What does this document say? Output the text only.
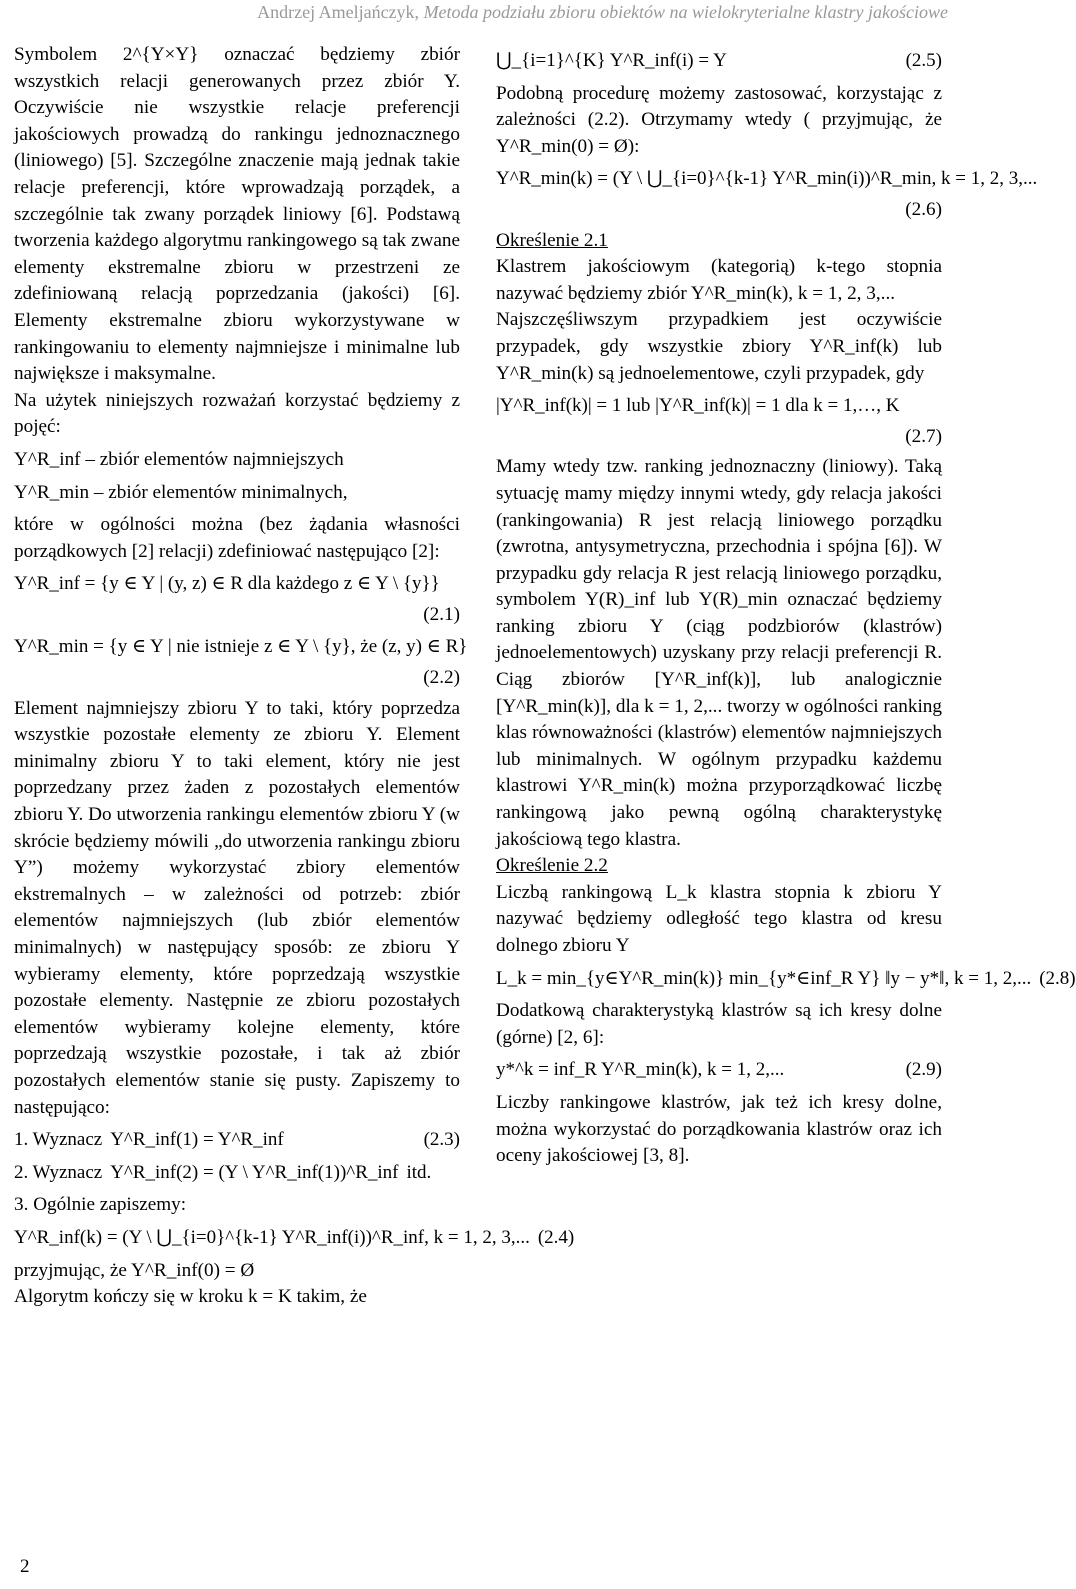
Andrzej Ameljańczyk, Metoda podziału zbioru obiektów na wielokryterialne klastry jakościowe

Symbolem 2^{Y×Y} oznaczać będziemy zbiór wszystkich relacji generowanych przez zbiór Y. Oczywiście nie wszystkie relacje preferencji jakościowych prowadzą do rankingu jednoznacznego (liniowego) [5]. Szczególne znaczenie mają jednak takie relacje preferencji, które wprowadzają porządek, a szczególnie tak zwany porządek liniowy [6]. Podstawą tworzenia każdego algorytmu rankingowego są tak zwane elementy ekstremalne zbioru w przestrzeni ze zdefiniowaną relacją poprzedzania (jakości) [6]. Elementy ekstremalne zbioru wykorzystywane w rankingowaniu to elementy najmniejsze i minimalne lub największe i maksymalne.

Na użytek niniejszych rozważań korzystać będziemy z pojęć:

Y^R_inf – zbiór elementów najmniejszych
Y^R_min – zbiór elementów minimalnych,

które w ogólności można (bez żądania własności porządkowych [2] relacji) zdefiniować następująco [2]:

Y^R_inf = {y ∈ Y | (y, z) ∈ R dla każdego z ∈ Y \ {y}}
(2.1)
Y^R_min = {y ∈ Y | nie istnieje z ∈ Y \ {y}, że (z, y) ∈ R}
(2.2)

Element najmniejszy zbioru Y to taki, który poprzedza wszystkie pozostałe elementy ze zbioru Y. Element minimalny zbioru Y to taki element, który nie jest poprzedzany przez żaden z pozostałych elementów zbioru Y. Do utworzenia rankingu elementów zbioru Y (w skrócie będziemy mówili „do utworzenia rankingu zbioru Y”) możemy wykorzystać zbiory elementów ekstremalnych – w zależności od potrzeb: zbiór elementów najmniejszych (lub zbiór elementów minimalnych) w następujący sposób: ze zbioru Y wybieramy elementy, które poprzedzają wszystkie pozostałe elementy. Następnie ze zbioru pozostałych elementów wybieramy kolejne elementy, które poprzedzają wszystkie pozostałe, i tak aż zbiór pozostałych elementów stanie się pusty. Zapiszemy to następująco:

1. Wyznacz Y^R_inf(1) = Y^R_inf	(2.3)
2. Wyznacz Y^R_inf(2) = (Y \ Y^R_inf(1))^R_inf itd.

3. Ogólnie zapiszemy:

Y^R_inf(k) = (Y \ ⋃_{i=0}^{k-1} Y^R_inf(i))^R_inf, k = 1, 2, 3,... (2.4)

przyjmując, że Y^R_inf(0) = Ø

Algorytm kończy się w kroku k = K takim, że

⋃_{i=1}^{K} Y^R_inf(i) = Y	(2.5)

Podobną procedurę możemy zastosować, korzystając z zależności (2.2). Otrzymamy wtedy ( przyjmując, że Y^R_min(0) = Ø):

Y^R_min(k) = (Y \ ⋃_{i=0}^{k-1} Y^R_min(i))^R_min, k = 1, 2, 3,...
(2.6)

Określenie 2.1

Klastrem jakościowym (kategorią) k-tego stopnia nazywać będziemy zbiór Y^R_min(k), k = 1, 2, 3,...

Najszczęśliwszym przypadkiem jest oczywiście przypadek, gdy wszystkie zbiory Y^R_inf(k) lub Y^R_min(k) są jednoelementowe, czyli przypadek, gdy

|Y^R_inf(k)| = 1 lub |Y^R_inf(k)| = 1 dla k = 1,…, K
(2.7)

Mamy wtedy tzw. ranking jednoznaczny (liniowy). Taką sytuację mamy między innymi wtedy, gdy relacja jakości (rankingowania) R jest relacją liniowego porządku (zwrotna, antysymetryczna, przechodnia i spójna [6]). W przypadku gdy relacja R jest relacją liniowego porządku, symbolem Y(R)_inf lub Y(R)_min oznaczać będziemy ranking zbioru Y (ciąg podzbiorów (klastrów) jednoelementowych) uzyskany przy relacji preferencji R. Ciąg zbiorów [Y^R_inf(k)], lub analogicznie [Y^R_min(k)], dla k = 1, 2,... tworzy w ogólności ranking klas równoważności (klastrów) elementów najmniejszych lub minimalnych. W ogólnym przypadku każdemu klastrowi Y^R_min(k) można przyporządkować liczbę rankingową jako pewną ogólną charakterystykę jakościową tego klastra.

Określenie 2.2

Liczbą rankingową L_k klastra stopnia k zbioru Y nazywać będziemy odległość tego klastra od kresu dolnego zbioru Y

L_k = min_{y∈Y^R_min(k)} min_{y*∈inf_R Y} ‖y − y*‖, k = 1, 2,... (2.8)

Dodatkową charakterystyką klastrów są ich kresy dolne (górne) [2, 6]:

y*^k = inf_R Y^R_min(k), k = 1, 2,...	(2.9)

Liczby rankingowe klastrów, jak też ich kresy dolne, można wykorzystać do porządkowania klastrów oraz ich oceny jakościowej [3, 8].

2
